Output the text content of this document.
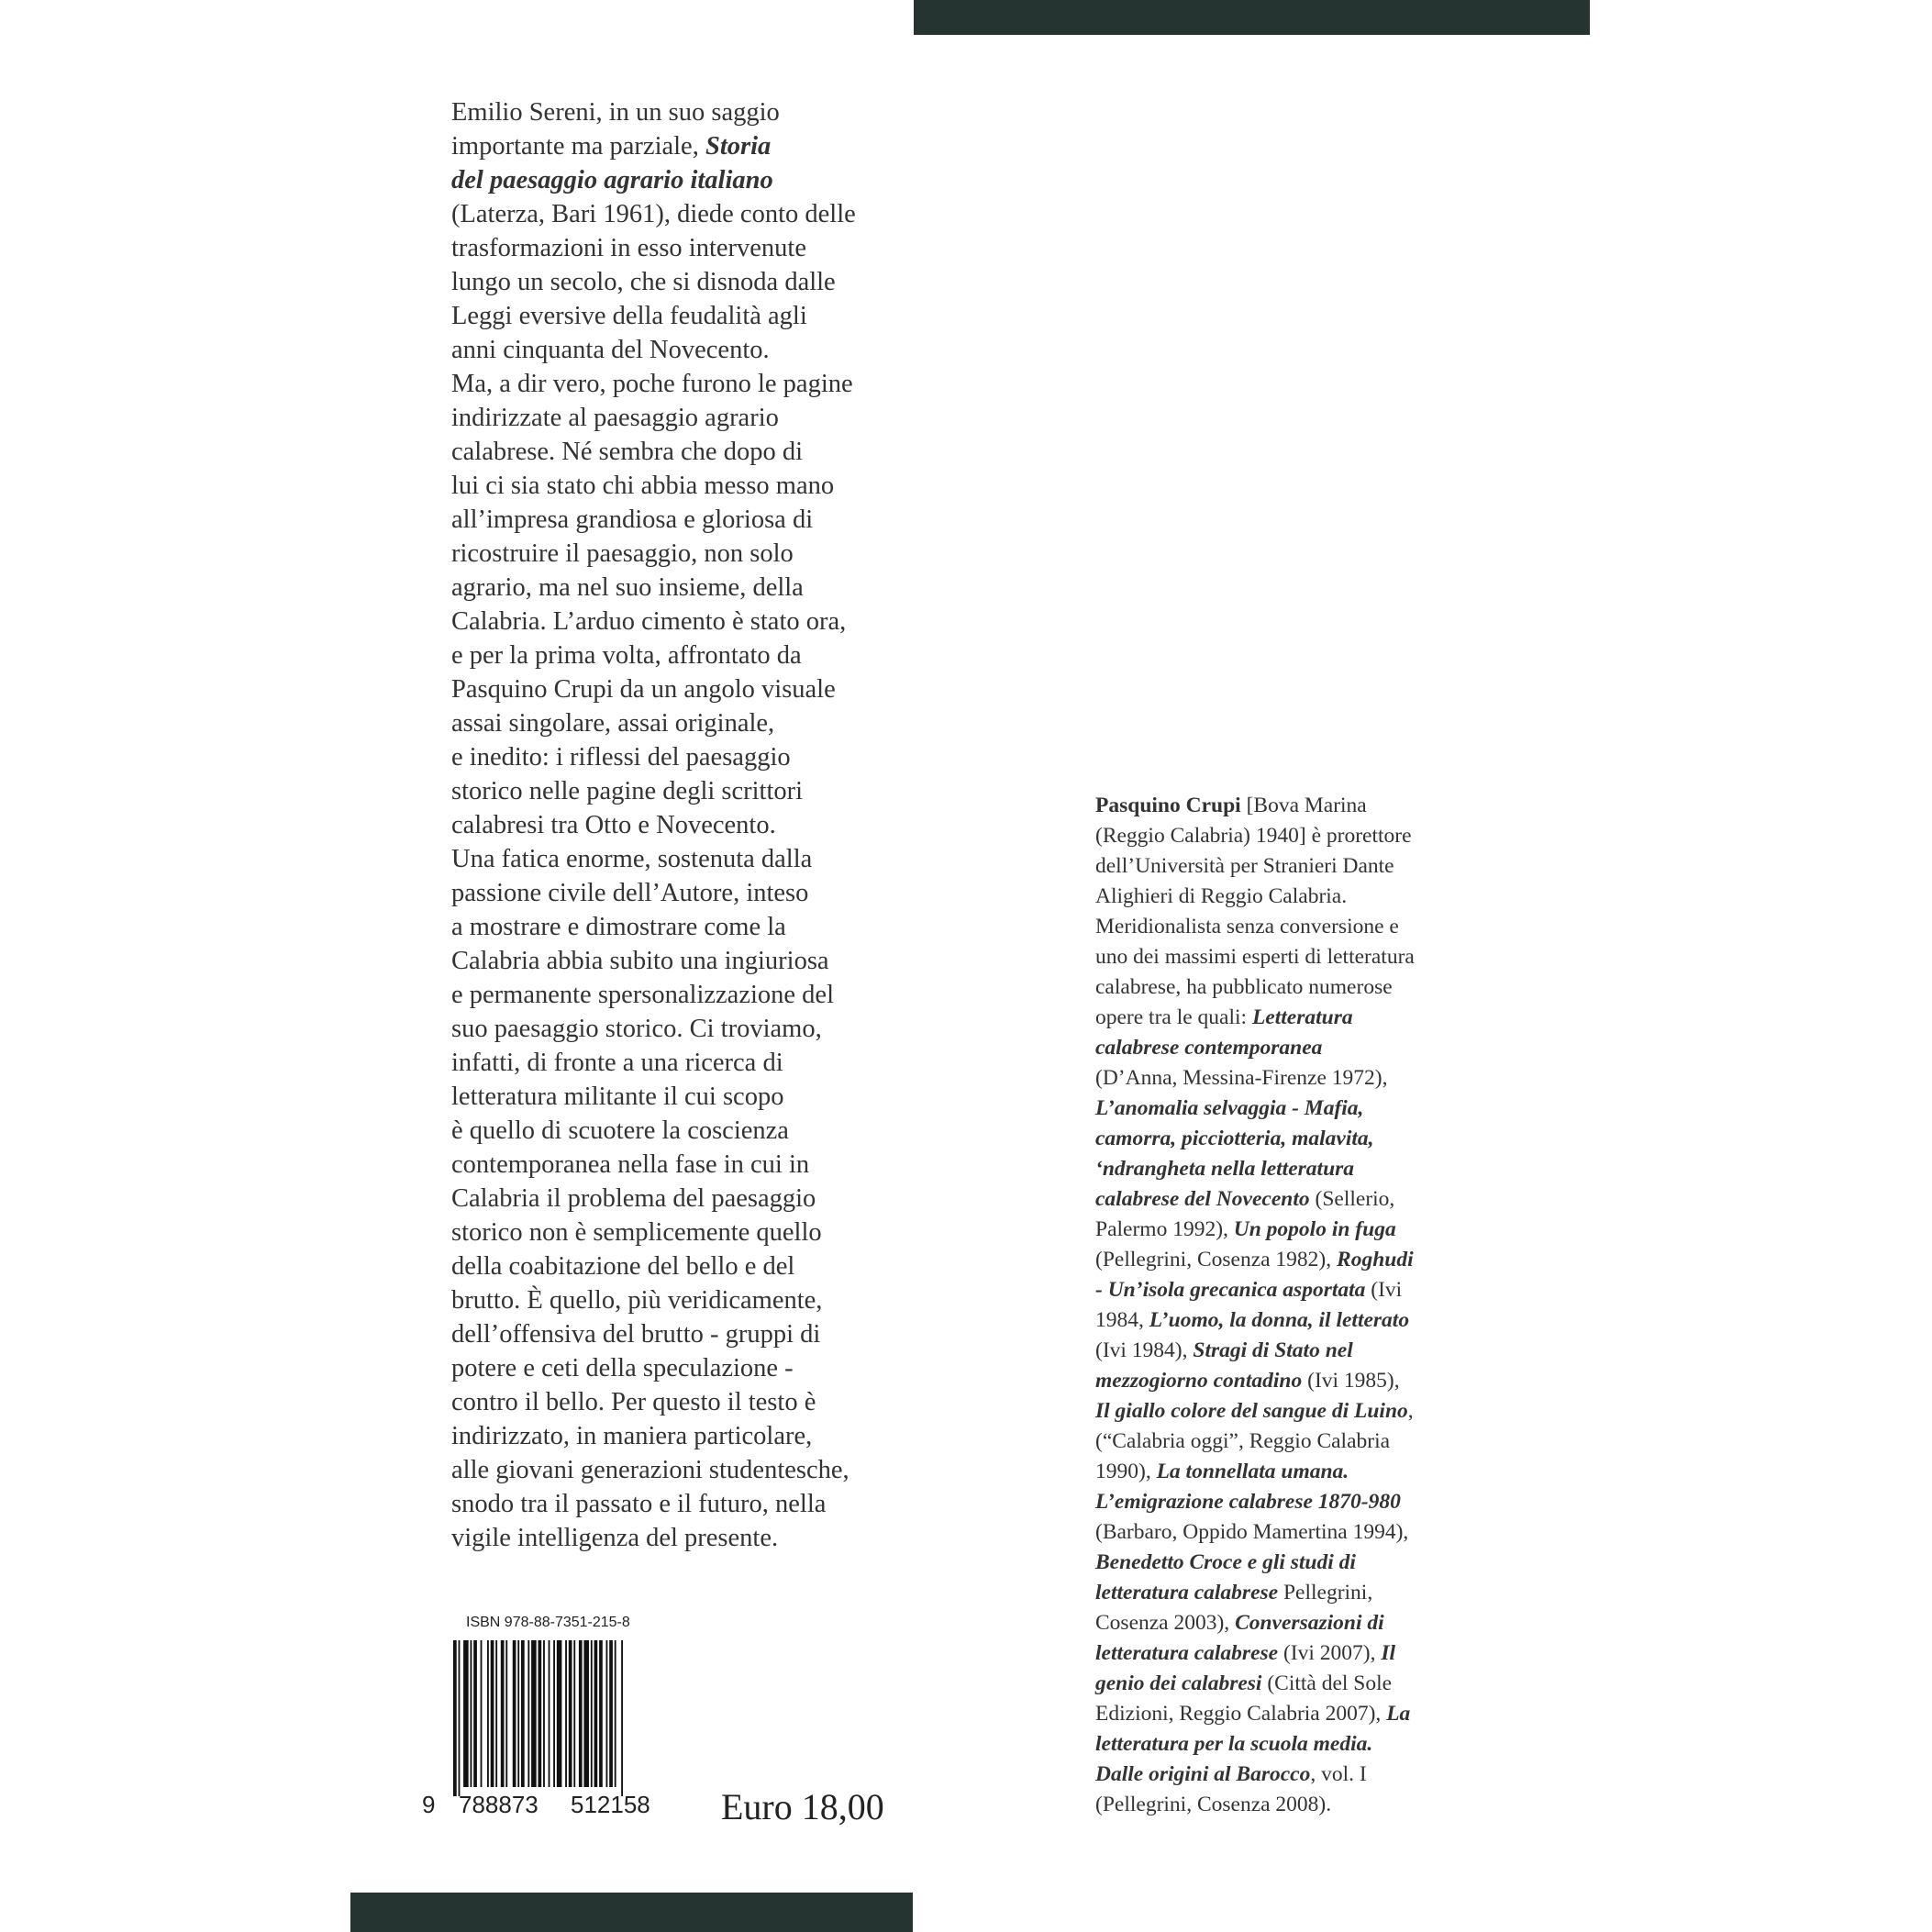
Emilio Sereni, in un suo saggio
importante ma parziale, Storia
del paesaggio agrario italiano
(Laterza, Bari 1961), diede conto delle
trasformazioni in esso intervenute
lungo un secolo, che si disnoda dalle
Leggi eversive della feudalità agli
anni cinquanta del Novecento.
Ma, a dir vero, poche furono le pagine
indirizzate al paesaggio agrario
calabrese. Né sembra che dopo di
lui ci sia stato chi abbia messo mano
all’impresa grandiosa e gloriosa di
ricostruire il paesaggio, non solo
agrario, ma nel suo insieme, della
Calabria. L’arduo cimento è stato ora,
e per la prima volta, affrontato da
Pasquino Crupi da un angolo visuale
assai singolare, assai originale,
e inedito: i riflessi del paesaggio
storico nelle pagine degli scrittori
calabresi tra Otto e Novecento.
Una fatica enorme, sostenuta dalla
passione civile dell’Autore, inteso
a mostrare e dimostrare come la
Calabria abbia subito una ingiuriosa
e permanente spersonalizzazione del
suo paesaggio storico. Ci troviamo,
infatti, di fronte a una ricerca di
letteratura militante il cui scopo
è quello di scuotere la coscienza
contemporanea nella fase in cui in
Calabria il problema del paesaggio
storico non è semplicemente quello
della coabitazione del bello e del
brutto. È quello, più veridicamente,
dell’offensiva del brutto - gruppi di
potere e ceti della speculazione -
contro il bello. Per questo il testo è
indirizzato, in maniera particolare,
alle giovani generazioni studentesche,
snodo tra il passato e il futuro, nella
vigile intelligenza del presente.
ISBN 978-88-7351-215-8
9 788873 512158 Euro 18,00
Pasquino Crupi [Bova Marina
(Reggio Calabria) 1940] è prorettore
dell’Università per Stranieri Dante
Alighieri di Reggio Calabria.
Meridionalista senza conversione e
uno dei massimi esperti di letteratura
calabrese, ha pubblicato numerose
opere tra le quali: Letteratura
calabrese contemporanea
(D’Anna, Messina-Firenze 1972),
L’anomalia selvaggia - Mafia,
camorra, picciotteria, malavita,
‘ndrangheta nella letteratura
calabrese del Novecento (Sellerio,
Palermo 1992), Un popolo in fuga
(Pellegrini, Cosenza 1982), Roghudi
- Un’isola grecanica asportata (Ivi
1984, L’uomo, la donna, il letterato
(Ivi 1984), Stragi di Stato nel
mezzogiorno contadino (Ivi 1985),
Il giallo colore del sangue di Luino,
(“Calabria oggi”, Reggio Calabria
1990), La tonnellata umana.
L’emigrazione calabrese 1870-980
(Barbaro, Oppido Mamertina 1994),
Benedetto Croce e gli studi di
letteratura calabrese Pellegrini,
Cosenza 2003), Conversazioni di
letteratura calabrese (Ivi 2007), Il
genio dei calabresi (Città del Sole
Edizioni, Reggio Calabria 2007), La
letteratura per la scuola media.
Dalle origini al Barocco, vol. I
(Pellegrini, Cosenza 2008).
